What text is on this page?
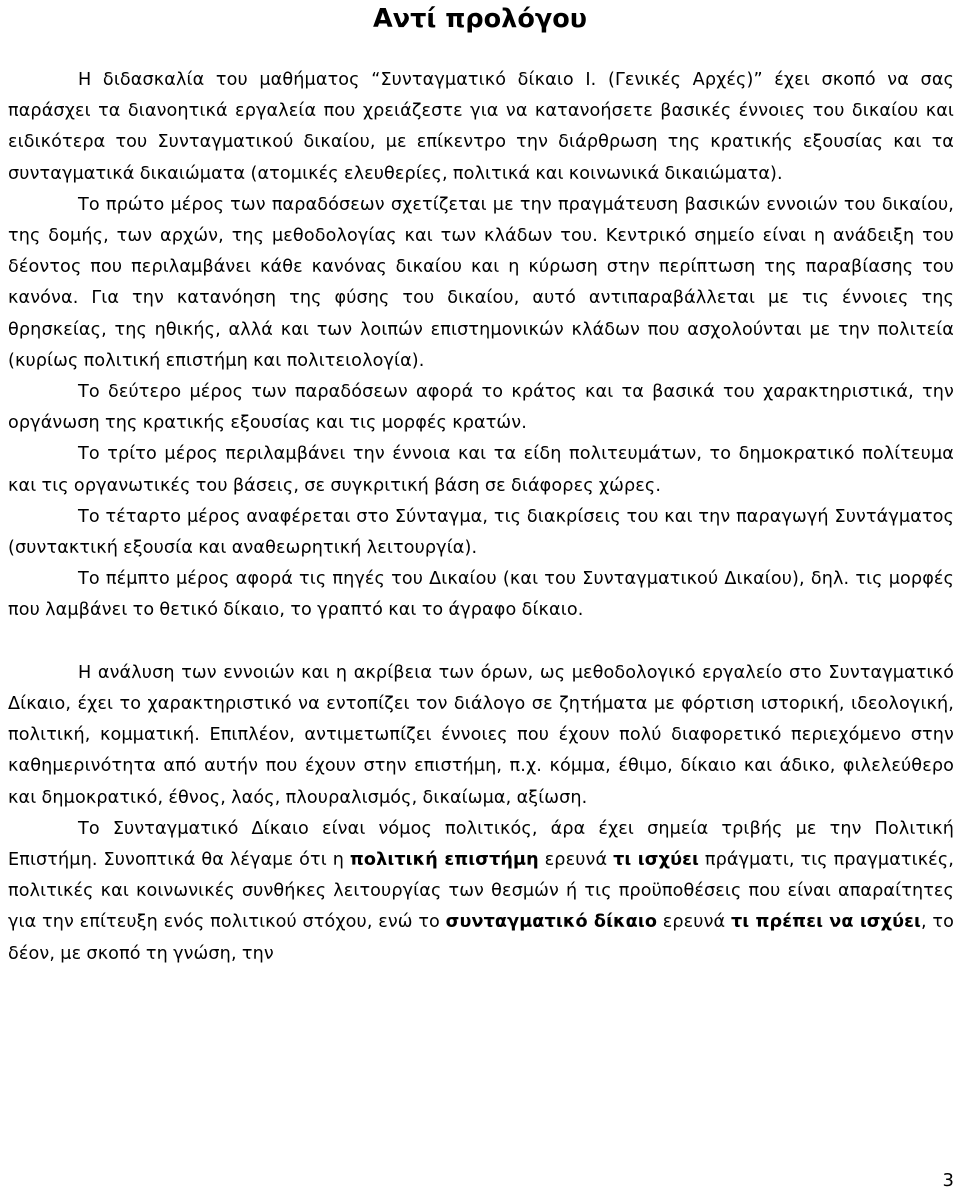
Αντί προλόγου

Η διδασκαλία του μαθήματος “Συνταγματικό δίκαιο Ι. (Γενικές Αρχές)” έχει σκοπό να σας παράσχει τα διανοητικά εργαλεία που χρειάζεστε για να κατανοήσετε βασικές έννοιες του δικαίου και ειδικότερα του Συνταγματικού δικαίου, με επίκεντρο την διάρθρωση της κρατικής εξουσίας και τα συνταγματικά δικαιώματα (ατομικές ελευθερίες, πολιτικά και κοινωνικά δικαιώματα).

Το πρώτο μέρος των παραδόσεων σχετίζεται με την πραγμάτευση βασικών εννοιών του δικαίου, της δομής, των αρχών, της μεθοδολογίας και των κλάδων του. Κεντρικό σημείο είναι η ανάδειξη του δέοντος που περιλαμβάνει κάθε κανόνας δικαίου και η κύρωση στην περίπτωση της παραβίασης του κανόνα. Για την κατανόηση της φύσης του δικαίου, αυτό αντιπαραβάλλεται με τις έννοιες της θρησκείας, της ηθικής, αλλά και των λοιπών επιστημονικών κλάδων που ασχολούνται με την πολιτεία (κυρίως πολιτική επιστήμη και πολιτειολογία).

Το δεύτερο μέρος των παραδόσεων αφορά το κράτος και τα βασικά του χαρακτηριστικά, την οργάνωση της κρατικής εξουσίας και τις μορφές κρατών.

Το τρίτο μέρος περιλαμβάνει την έννοια και τα είδη πολιτευμάτων, το δημοκρατικό πολίτευμα και τις οργανωτικές του βάσεις, σε συγκριτική βάση σε διάφορες χώρες.

Το τέταρτο μέρος αναφέρεται στο Σύνταγμα, τις διακρίσεις του και την παραγωγή Συντάγματος (συντακτική εξουσία και αναθεωρητική λειτουργία).

Το πέμπτο μέρος αφορά τις πηγές του Δικαίου (και του Συνταγματικού Δικαίου), δηλ. τις μορφές που λαμβάνει το θετικό δίκαιο, το γραπτό και το άγραφο δίκαιο.

Η ανάλυση των εννοιών και η ακρίβεια των όρων, ως μεθοδολογικό εργαλείο στο Συνταγματικό Δίκαιο, έχει το χαρακτηριστικό να εντοπίζει τον διάλογο σε ζητήματα με φόρτιση ιστορική, ιδεολογική, πολιτική, κομματική. Επιπλέον, αντιμετωπίζει έννοιες που έχουν πολύ διαφορετικό περιεχόμενο στην καθημερινότητα από αυτήν που έχουν στην επιστήμη, π.χ. κόμμα, έθιμο, δίκαιο και άδικο, φιλελεύθερο και δημοκρατικό, έθνος, λαός, πλουραλισμός, δικαίωμα, αξίωση.

Το Συνταγματικό Δίκαιο είναι νόμος πολιτικός, άρα έχει σημεία τριβής με την Πολιτική Επιστήμη. Συνοπτικά θα λέγαμε ότι η πολιτική επιστήμη ερευνά τι ισχύει πράγματι, τις πραγματικές, πολιτικές και κοινωνικές συνθήκες λειτουργίας των θεσμών ή τις προϋποθέσεις που είναι απαραίτητες για την επίτευξη ενός πολιτικού στόχου, ενώ το συνταγματικό δίκαιο ερευνά τι πρέπει να ισχύει, το δέον, με σκοπό τη γνώση, την

3
